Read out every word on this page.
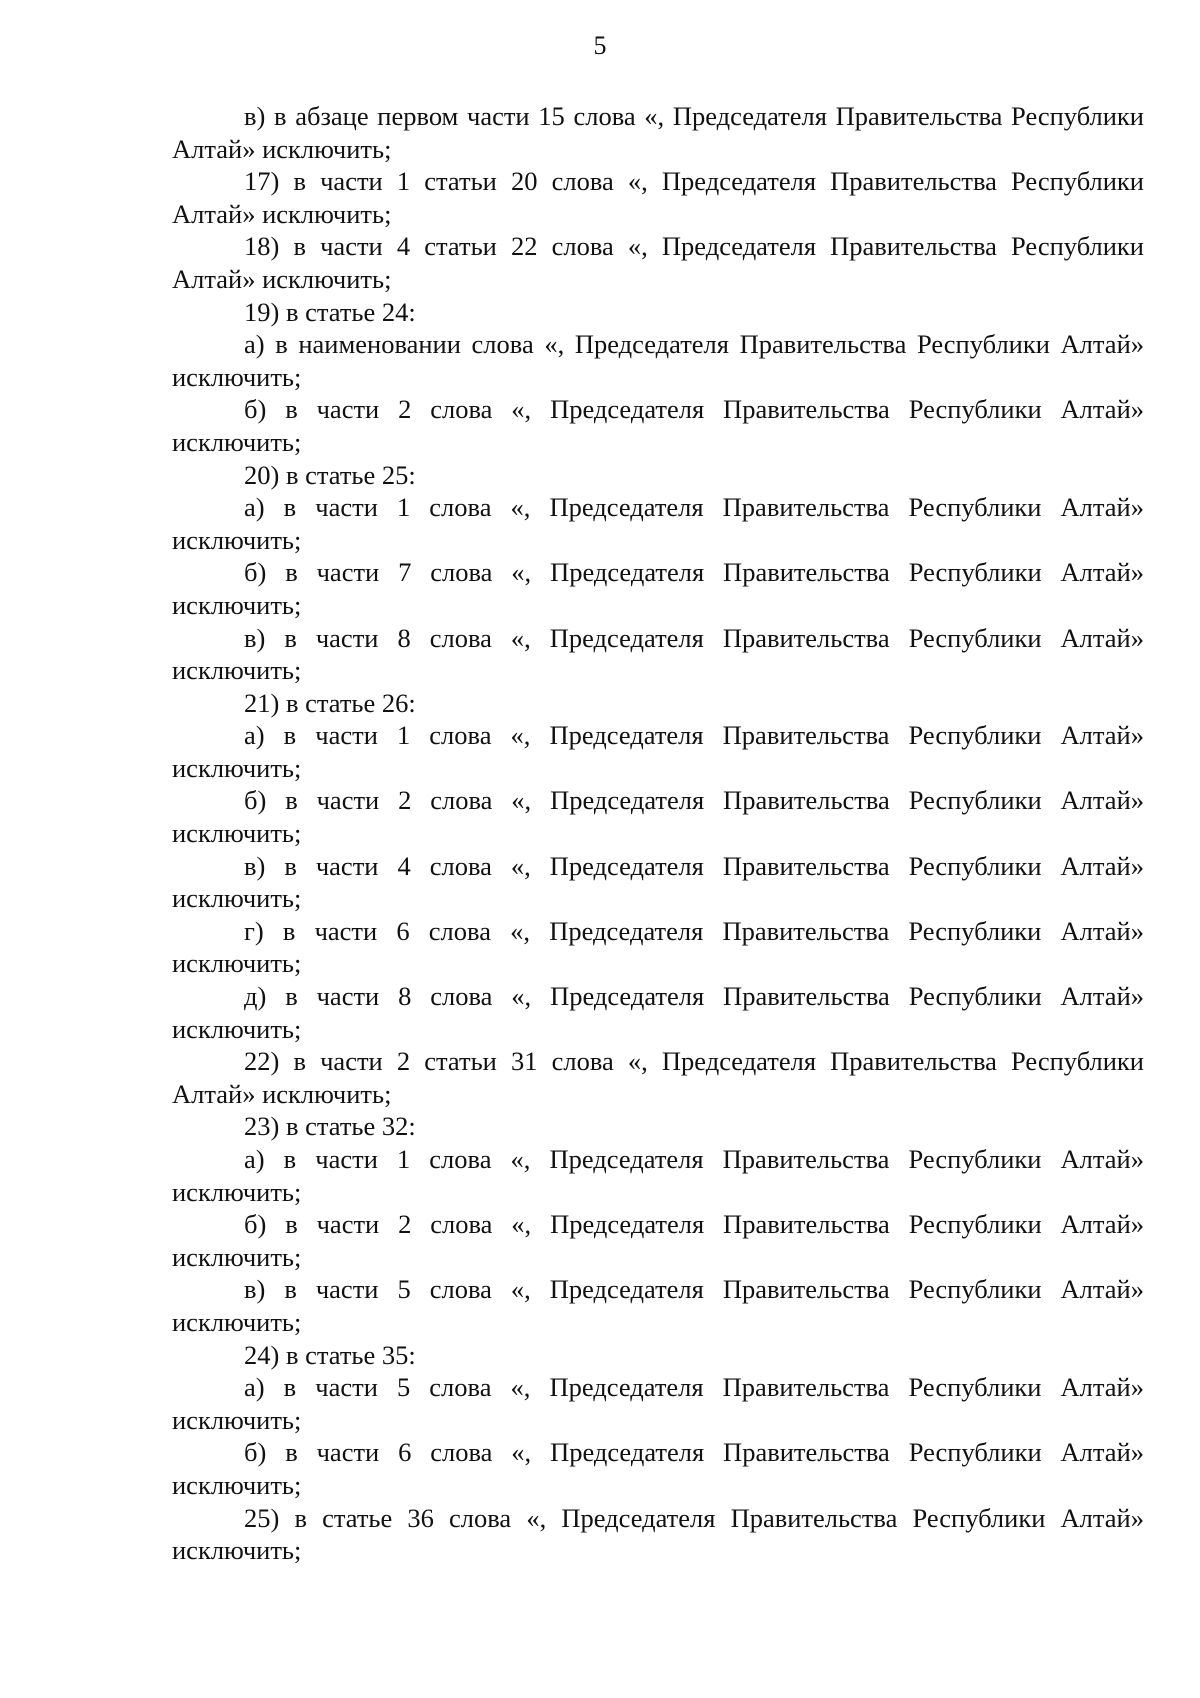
5

в) в абзаце первом части 15 слова «, Председателя Правительства Республики Алтай» исключить;

17) в части 1 статьи 20 слова «, Председателя Правительства Республики Алтай» исключить;

18) в части 4 статьи 22 слова «, Председателя Правительства Республики Алтай» исключить;

19) в статье 24:

а) в наименовании слова «, Председателя Правительства Республики Алтай» исключить;

б) в части 2 слова «, Председателя Правительства Республики Алтай» исключить;

20) в статье 25:

а) в части 1 слова «, Председателя Правительства Республики Алтай» исключить;

б) в части 7 слова «, Председателя Правительства Республики Алтай» исключить;

в) в части 8 слова «, Председателя Правительства Республики Алтай» исключить;

21) в статье 26:

а) в части 1 слова «, Председателя Правительства Республики Алтай» исключить;

б) в части 2 слова «, Председателя Правительства Республики Алтай» исключить;

в) в части 4 слова «, Председателя Правительства Республики Алтай» исключить;

г) в части 6 слова «, Председателя Правительства Республики Алтай» исключить;

д) в части 8 слова «, Председателя Правительства Республики Алтай» исключить;

22) в части 2 статьи 31 слова «, Председателя Правительства Республики Алтай» исключить;

23) в статье 32:

а) в части 1 слова «, Председателя Правительства Республики Алтай» исключить;

б) в части 2 слова «, Председателя Правительства Республики Алтай» исключить;

в) в части 5 слова «, Председателя Правительства Республики Алтай» исключить;

24) в статье 35:

а) в части 5 слова «, Председателя Правительства Республики Алтай» исключить;

б) в части 6 слова «, Председателя Правительства Республики Алтай» исключить;

25) в статье 36 слова «, Председателя Правительства Республики Алтай» исключить;
